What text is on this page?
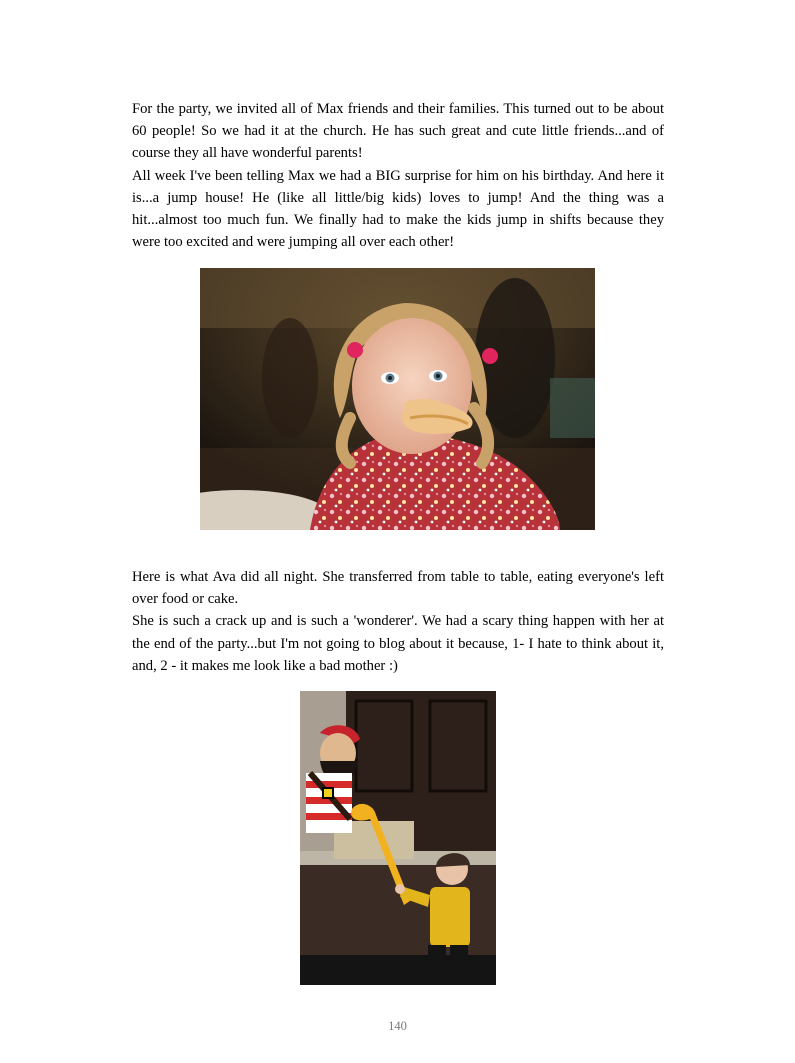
For the party, we invited all of Max friends and their families. This turned out to be about 60 people! So we had it at the church. He has such great and cute little friends...and of course they all have wonderful parents!

All week I've been telling Max we had a BIG surprise for him on his birthday. And here it is...a jump house! He (like all little/big kids) loves to jump! And the thing was a hit...almost too much fun. We finally had to make the kids jump in shifts because they were too excited and were jumping all over each other!

Here is what Ava did all night. She transferred from table to table, eating everyone's left over food or cake.

She is such a crack up and is such a 'wonderer'. We had a scary thing happen with her at the end of the party...but I'm not going to blog about it because, 1- I hate to think about it, and, 2 - it makes me look like a bad mother :)

140
